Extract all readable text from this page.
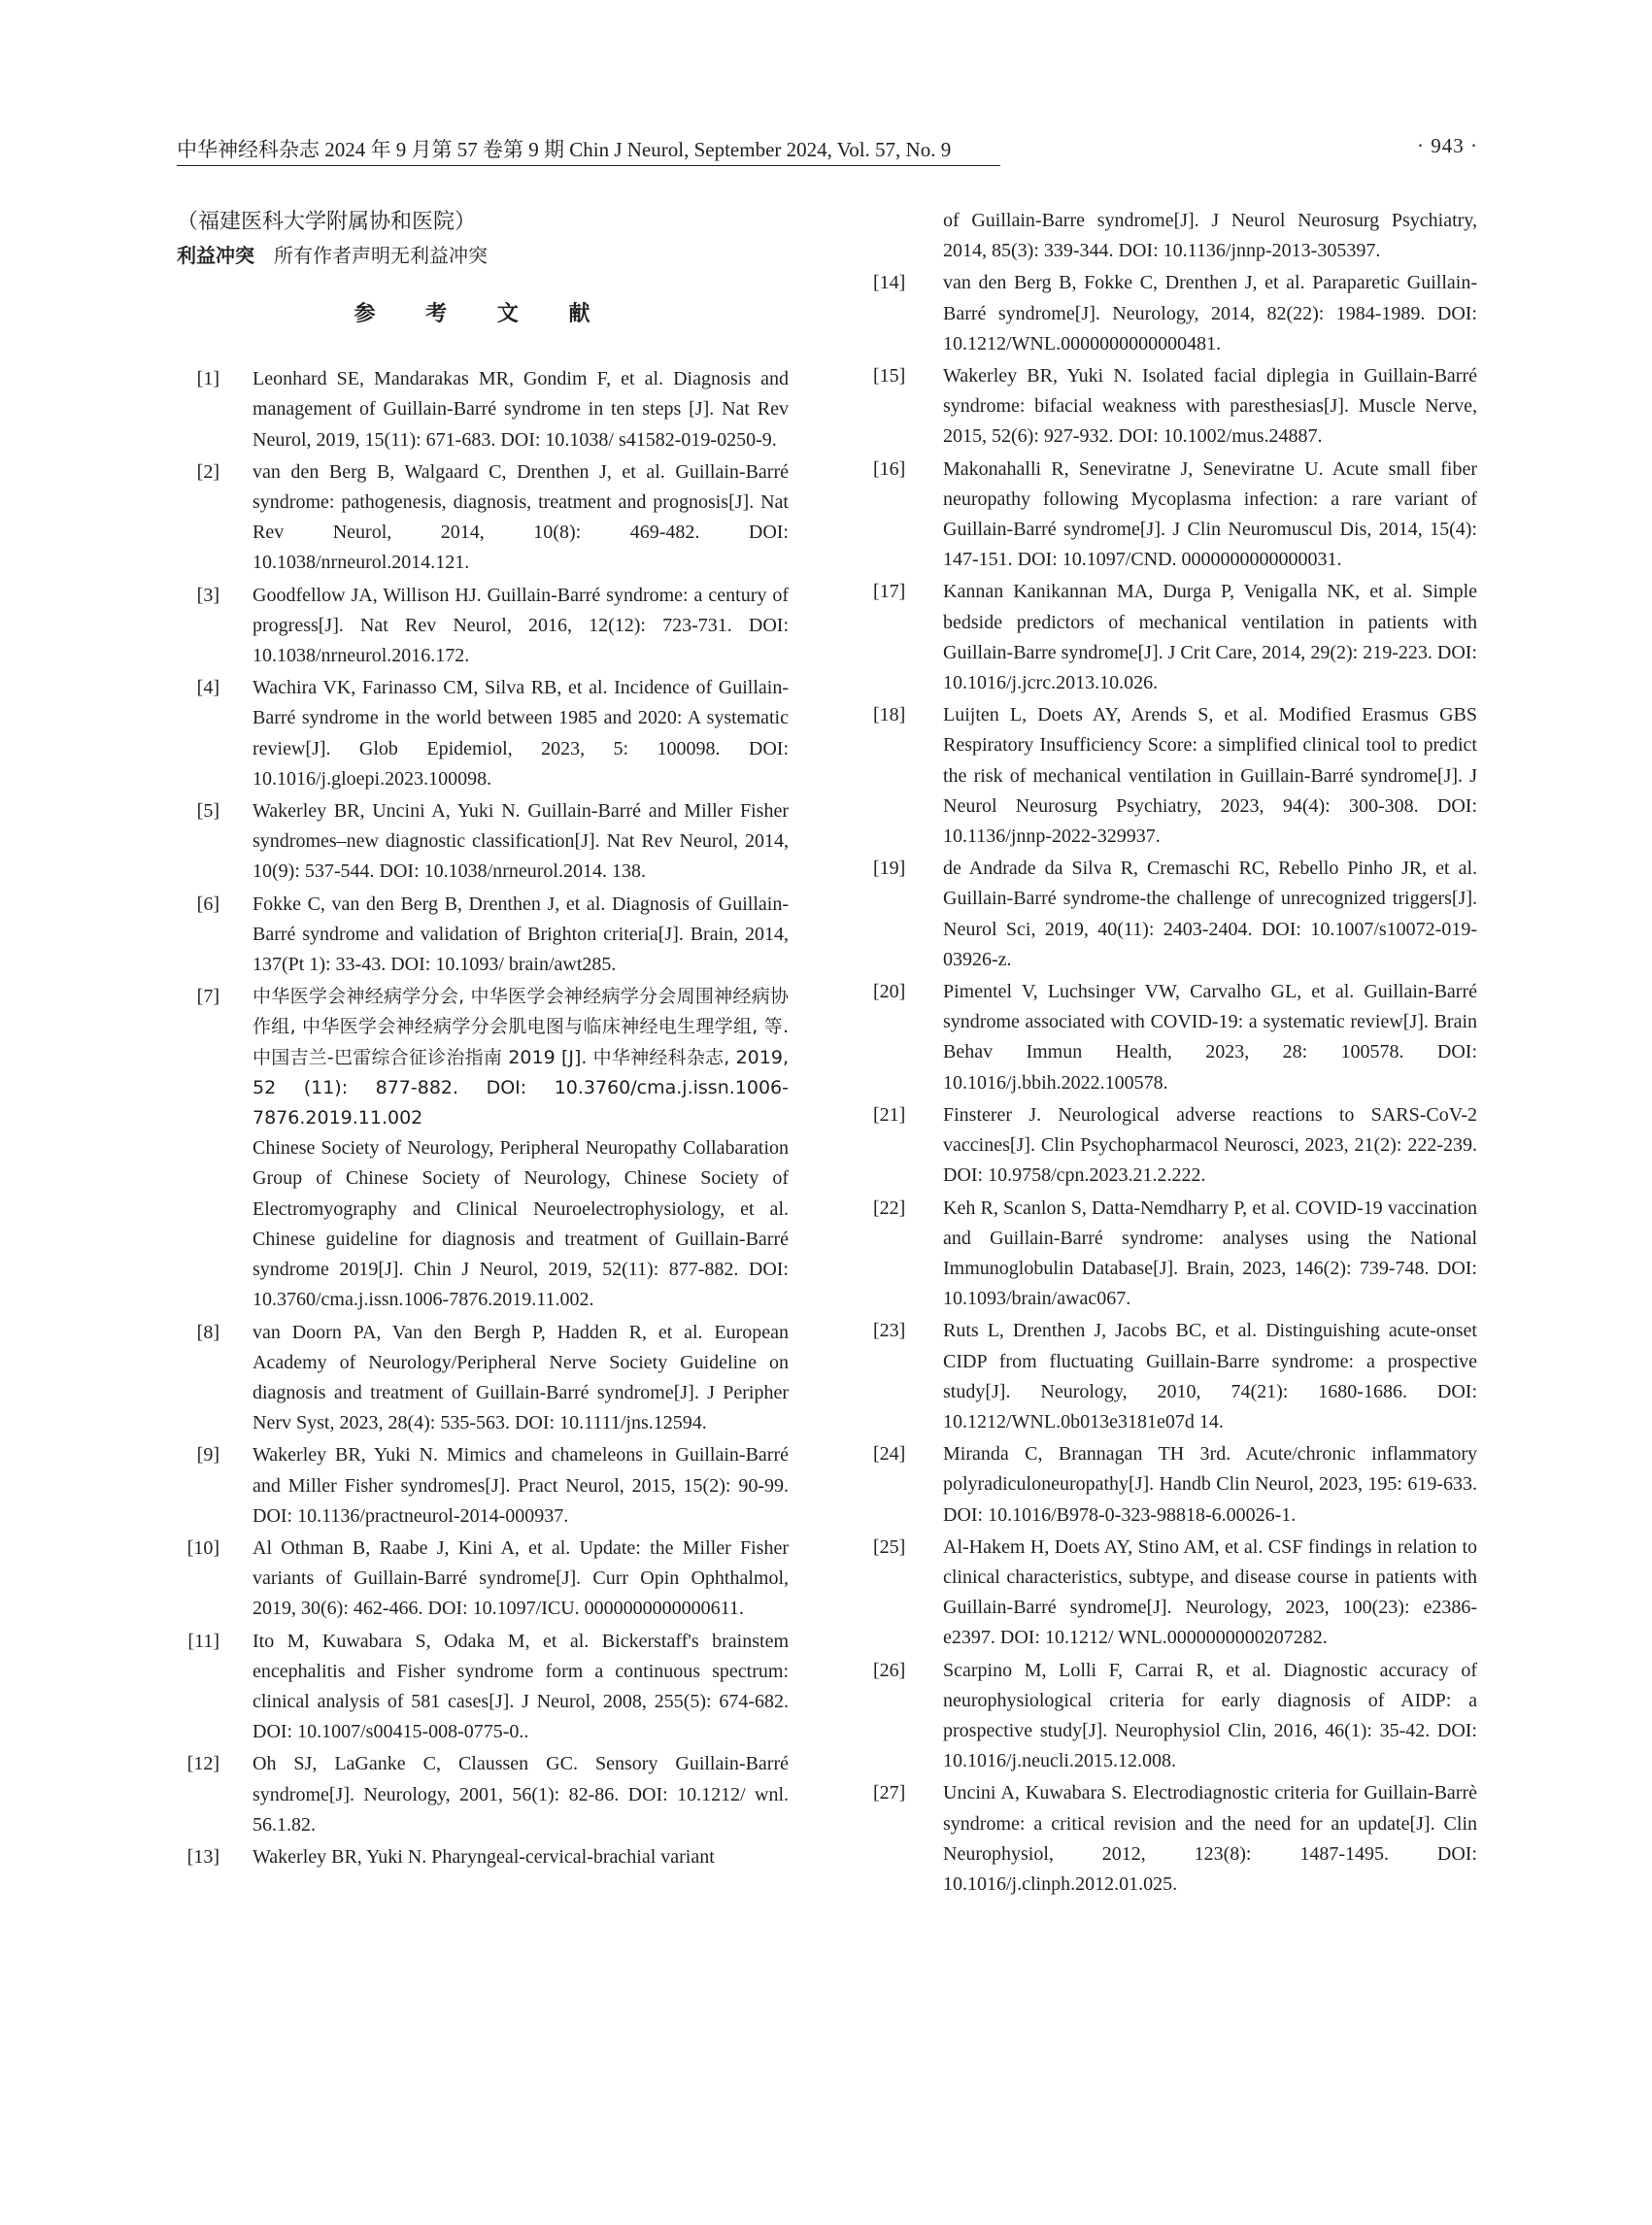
中华神经科杂志 2024 年 9 月第 57 卷第 9 期 Chin J Neurol, September 2024, Vol. 57, No. 9	· 943 ·
（福建医科大学附属协和医院）
利益冲突 所有作者声明无利益冲突
参 考 文 献
[1] Leonhard SE, Mandarakas MR, Gondim F, et al. Diagnosis and management of Guillain-Barré syndrome in ten steps [J]. Nat Rev Neurol, 2019, 15(11): 671-683. DOI: 10.1038/ s41582-019-0250-9.
[2] van den Berg B, Walgaard C, Drenthen J, et al. Guillain-Barré syndrome: pathogenesis, diagnosis, treatment and prognosis[J]. Nat Rev Neurol, 2014, 10(8): 469-482. DOI: 10.1038/nrneurol.2014.121.
[3] Goodfellow JA, Willison HJ. Guillain-Barré syndrome: a century of progress[J]. Nat Rev Neurol, 2016, 12(12): 723-731. DOI: 10.1038/nrneurol.2016.172.
[4] Wachira VK, Farinasso CM, Silva RB, et al. Incidence of Guillain-Barré syndrome in the world between 1985 and 2020: A systematic review[J]. Glob Epidemiol, 2023, 5: 100098. DOI: 10.1016/j.gloepi.2023.100098.
[5] Wakerley BR, Uncini A, Yuki N. Guillain-Barré and Miller Fisher syndromes–new diagnostic classification[J]. Nat Rev Neurol, 2014, 10(9): 537-544. DOI: 10.1038/nrneurol.2014. 138.
[6] Fokke C, van den Berg B, Drenthen J, et al. Diagnosis of Guillain-Barré syndrome and validation of Brighton criteria[J]. Brain, 2014, 137(Pt 1): 33-43. DOI: 10.1093/ brain/awt285.
[7] 中华医学会神经病学分会, 中华医学会神经病学分会周围神经病协作组, 中华医学会神经病学分会肌电图与临床神经电生理学组, 等. 中国吉兰-巴雷综合征诊治指南 2019 [J]. 中华神经科杂志, 2019, 52 (11): 877-882. DOI: 10.3760/cma.j.issn.1006-7876.2019.11.002
Chinese Society of Neurology, Peripheral Neuropathy Collabaration Group of Chinese Society of Neurology, Chinese Society of Electromyography and Clinical Neuroelectrophysiology, et al. Chinese guideline for diagnosis and treatment of Guillain-Barré syndrome 2019[J]. Chin J Neurol, 2019, 52(11): 877-882. DOI: 10.3760/cma.j.issn.1006-7876.2019.11.002.
[8] van Doorn PA, Van den Bergh P, Hadden R, et al. European Academy of Neurology/Peripheral Nerve Society Guideline on diagnosis and treatment of Guillain-Barré syndrome[J]. J Peripher Nerv Syst, 2023, 28(4): 535-563. DOI: 10.1111/jns.12594.
[9] Wakerley BR, Yuki N. Mimics and chameleons in Guillain-Barré and Miller Fisher syndromes[J]. Pract Neurol, 2015, 15(2): 90-99. DOI: 10.1136/practneurol-2014-000937.
[10] Al Othman B, Raabe J, Kini A, et al. Update: the Miller Fisher variants of Guillain-Barré syndrome[J]. Curr Opin Ophthalmol, 2019, 30(6): 462-466. DOI: 10.1097/ICU. 0000000000000611.
[11] Ito M, Kuwabara S, Odaka M, et al. Bickerstaff's brainstem encephalitis and Fisher syndrome form a continuous spectrum: clinical analysis of 581 cases[J]. J Neurol, 2008, 255(5): 674-682. DOI: 10.1007/s00415-008-0775-0..
[12] Oh SJ, LaGanke C, Claussen GC. Sensory Guillain-Barré syndrome[J]. Neurology, 2001, 56(1): 82-86. DOI: 10.1212/ wnl. 56.1.82.
[13] Wakerley BR, Yuki N. Pharyngeal-cervical-brachial variant
of Guillain-Barre syndrome[J]. J Neurol Neurosurg Psychiatry, 2014, 85(3): 339-344. DOI: 10.1136/jnnp-2013-305397.
[14] van den Berg B, Fokke C, Drenthen J, et al. Paraparetic Guillain-Barré syndrome[J]. Neurology, 2014, 82(22): 1984-1989. DOI: 10.1212/WNL.0000000000000481.
[15] Wakerley BR, Yuki N. Isolated facial diplegia in Guillain-Barré syndrome: bifacial weakness with paresthesias[J]. Muscle Nerve, 2015, 52(6): 927-932. DOI: 10.1002/mus.24887.
[16] Makonahalli R, Seneviratne J, Seneviratne U. Acute small fiber neuropathy following Mycoplasma infection: a rare variant of Guillain-Barré syndrome[J]. J Clin Neuromuscul Dis, 2014, 15(4): 147-151. DOI: 10.1097/CND. 0000000000000031.
[17] Kannan Kanikannan MA, Durga P, Venigalla NK, et al. Simple bedside predictors of mechanical ventilation in patients with Guillain-Barre syndrome[J]. J Crit Care, 2014, 29(2): 219-223. DOI: 10.1016/j.jcrc.2013.10.026.
[18] Luijten L, Doets AY, Arends S, et al. Modified Erasmus GBS Respiratory Insufficiency Score: a simplified clinical tool to predict the risk of mechanical ventilation in Guillain-Barré syndrome[J]. J Neurol Neurosurg Psychiatry, 2023, 94(4): 300-308. DOI: 10.1136/jnnp-2022-329937.
[19] de Andrade da Silva R, Cremaschi RC, Rebello Pinho JR, et al. Guillain-Barré syndrome-the challenge of unrecognized triggers[J]. Neurol Sci, 2019, 40(11): 2403-2404. DOI: 10.1007/s10072-019-03926-z.
[20] Pimentel V, Luchsinger VW, Carvalho GL, et al. Guillain-Barré syndrome associated with COVID-19: a systematic review[J]. Brain Behav Immun Health, 2023, 28: 100578. DOI: 10.1016/j.bbih.2022.100578.
[21] Finsterer J. Neurological adverse reactions to SARS-CoV-2 vaccines[J]. Clin Psychopharmacol Neurosci, 2023, 21(2): 222-239. DOI: 10.9758/cpn.2023.21.2.222.
[22] Keh R, Scanlon S, Datta-Nemdharry P, et al. COVID-19 vaccination and Guillain-Barré syndrome: analyses using the National Immunoglobulin Database[J]. Brain, 2023, 146(2): 739-748. DOI: 10.1093/brain/awac067.
[23] Ruts L, Drenthen J, Jacobs BC, et al. Distinguishing acute-onset CIDP from fluctuating Guillain-Barre syndrome: a prospective study[J]. Neurology, 2010, 74(21): 1680-1686. DOI: 10.1212/WNL.0b013e3181e07d 14.
[24] Miranda C, Brannagan TH 3rd. Acute/chronic inflammatory polyradiculoneuropathy[J]. Handb Clin Neurol, 2023, 195: 619-633. DOI: 10.1016/B978-0-323-98818-6.00026-1.
[25] Al-Hakem H, Doets AY, Stino AM, et al. CSF findings in relation to clinical characteristics, subtype, and disease course in patients with Guillain-Barré syndrome[J]. Neurology, 2023, 100(23): e2386-e2397. DOI: 10.1212/ WNL.0000000000207282.
[26] Scarpino M, Lolli F, Carrai R, et al. Diagnostic accuracy of neurophysiological criteria for early diagnosis of AIDP: a prospective study[J]. Neurophysiol Clin, 2016, 46(1): 35-42. DOI: 10.1016/j.neucli.2015.12.008.
[27] Uncini A, Kuwabara S. Electrodiagnostic criteria for Guillain-Barrè syndrome: a critical revision and the need for an update[J]. Clin Neurophysiol, 2012, 123(8): 1487-1495. DOI: 10.1016/j.clinph.2012.01.025.
